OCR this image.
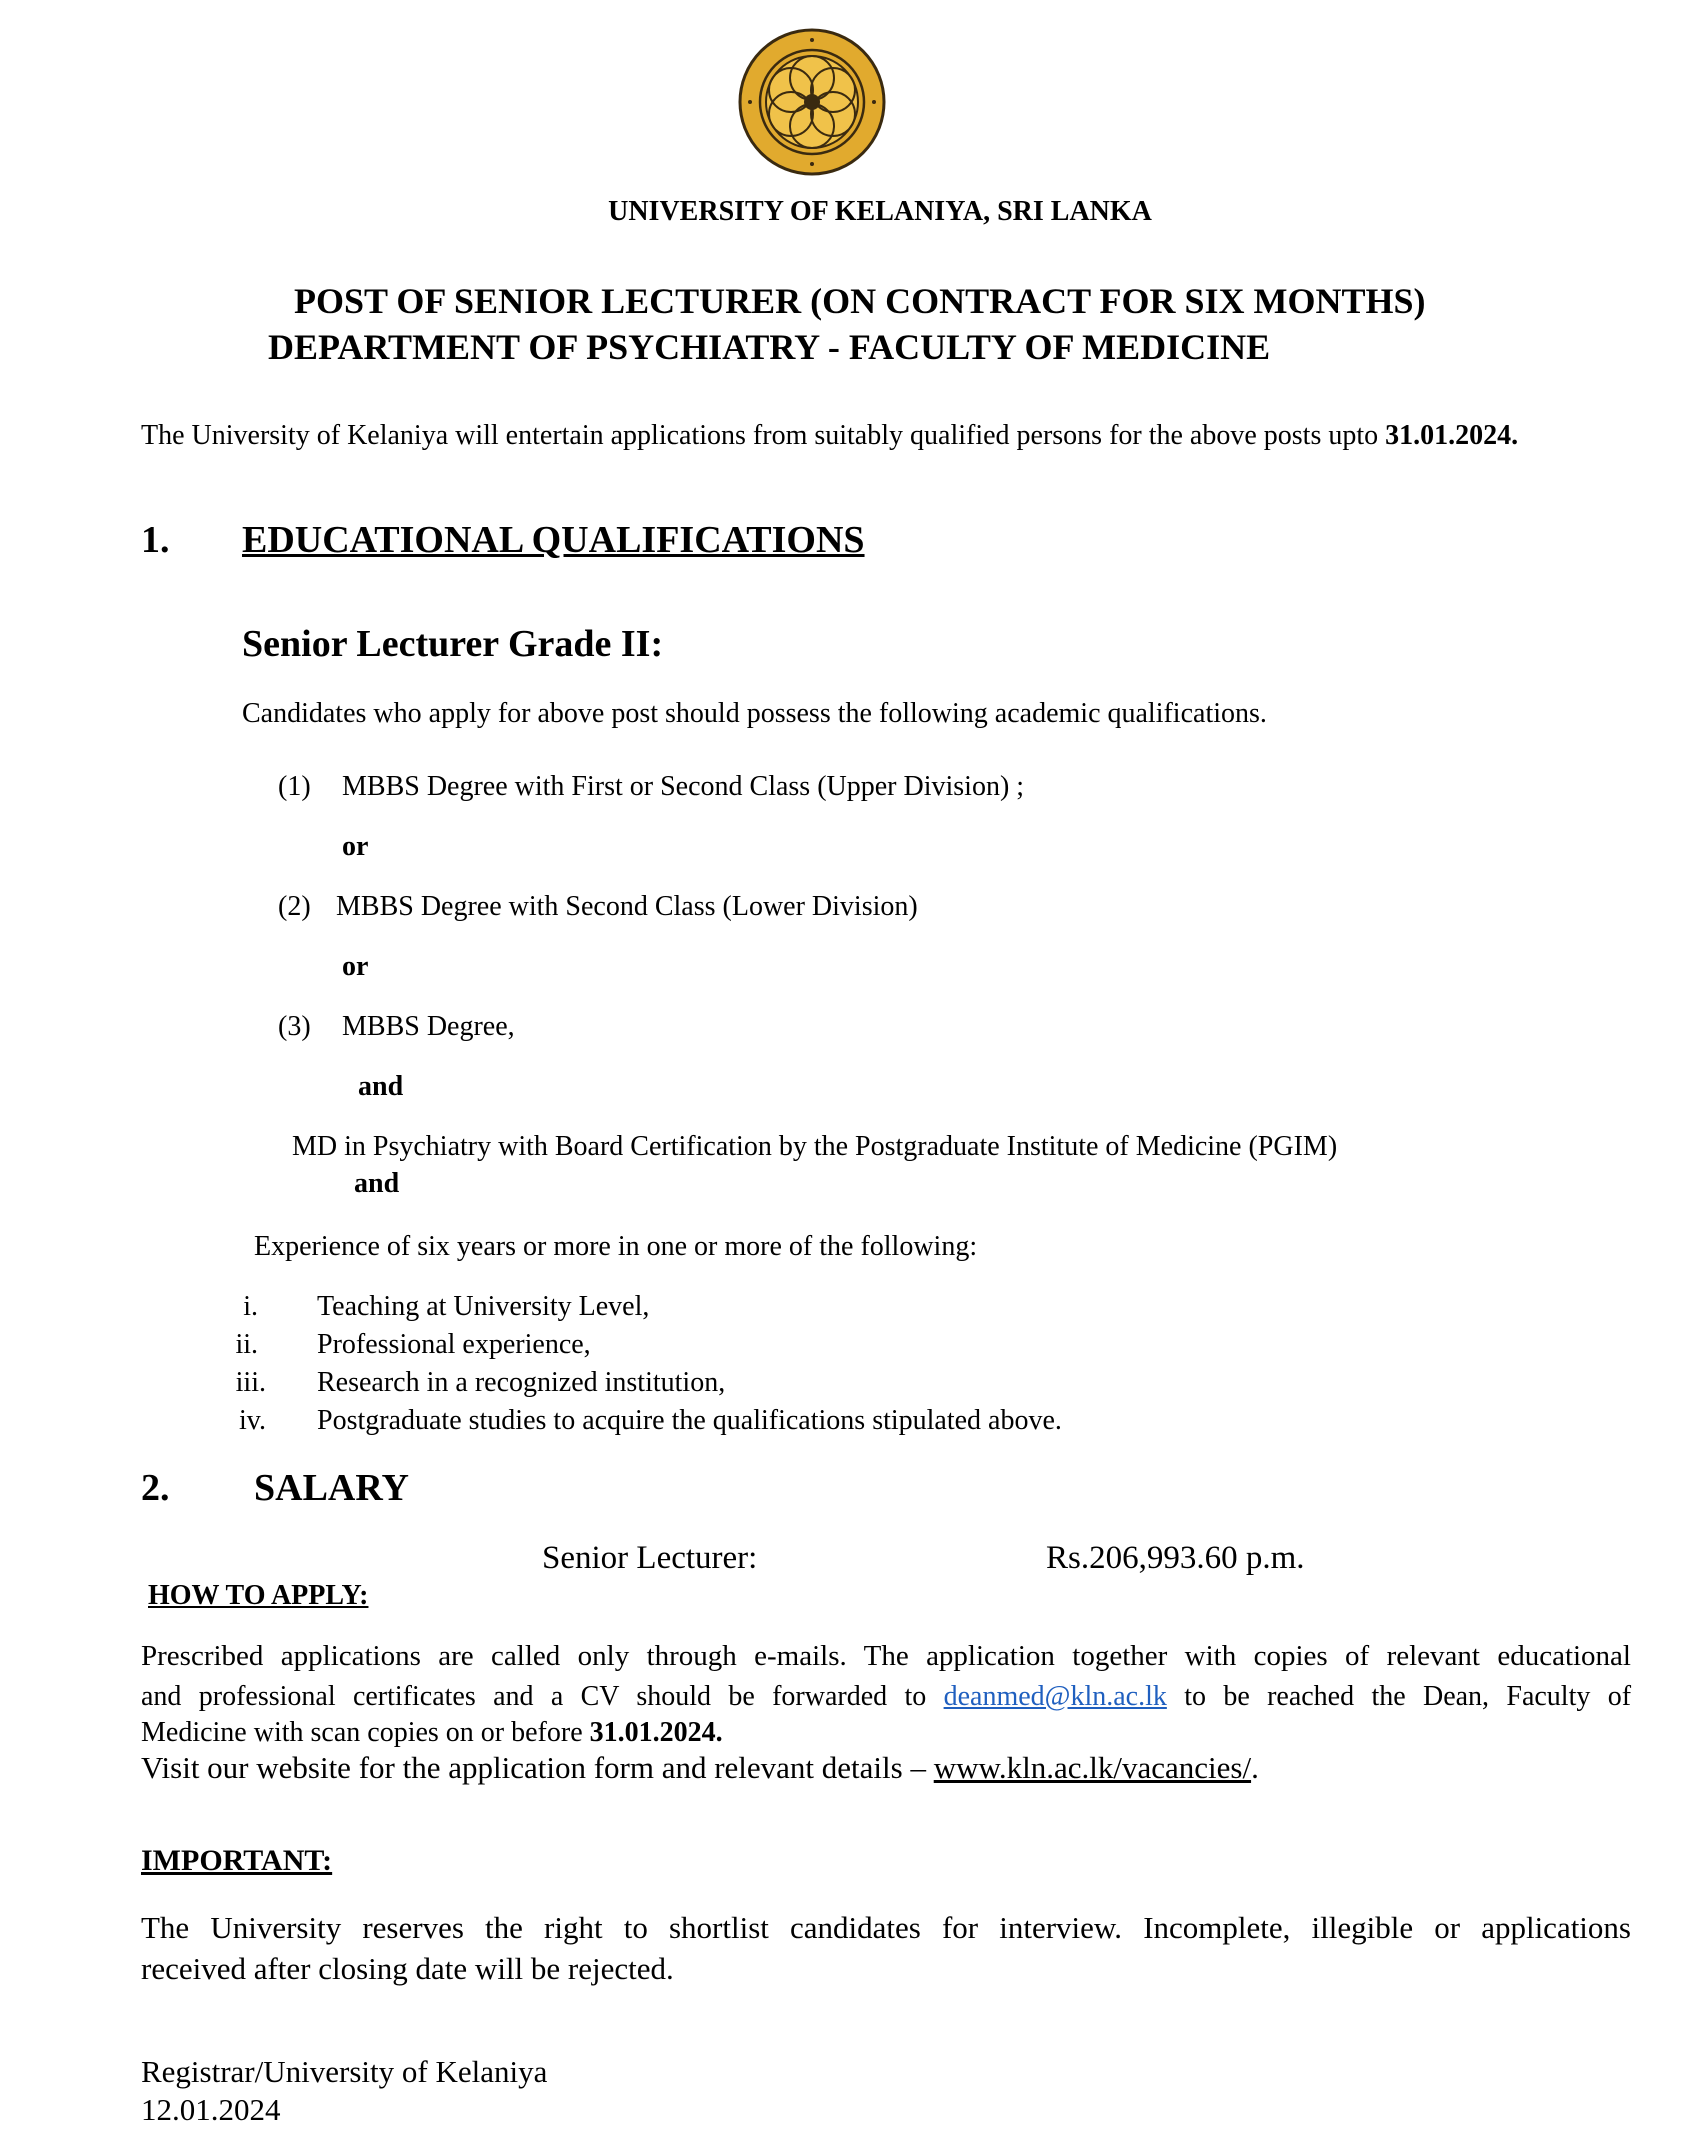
UNIVERSITY OF KELANIYA, SRI LANKA
POST OF SENIOR LECTURER (ON CONTRACT FOR SIX MONTHS)
DEPARTMENT OF PSYCHIATRY - FACULTY OF MEDICINE
The University of Kelaniya will entertain applications from suitably qualified persons for the above posts upto 31.01.2024.
1. EDUCATIONAL QUALIFICATIONS
Senior Lecturer Grade II:
Candidates who apply for above post should possess the following academic qualifications.
(1) MBBS Degree with First or Second Class (Upper Division) ;
or
(2) MBBS Degree with Second Class (Lower Division)
or
(3) MBBS Degree,
and
MD in Psychiatry with Board Certification by the Postgraduate Institute of Medicine (PGIM)
and
Experience of six years or more in one or more of the following:
i. Teaching at University Level,
ii. Professional experience,
iii. Research in a recognized institution,
iv. Postgraduate studies to acquire the qualifications stipulated above.
2. SALARY
Senior Lecturer:	Rs.206,993.60 p.m.
HOW TO APPLY:
Prescribed applications are called only through e-mails. The application together with copies of relevant educational
and professional certificates and a CV should be forwarded to deanmed@kln.ac.lk to be reached the Dean, Faculty of
Medicine with scan copies on or before 31.01.2024.
Visit our website for the application form and relevant details – www.kln.ac.lk/vacancies/.
IMPORTANT:
The University reserves the right to shortlist candidates for interview. Incomplete, illegible or applications
received after closing date will be rejected.
Registrar/University of Kelaniya
12.01.2024
